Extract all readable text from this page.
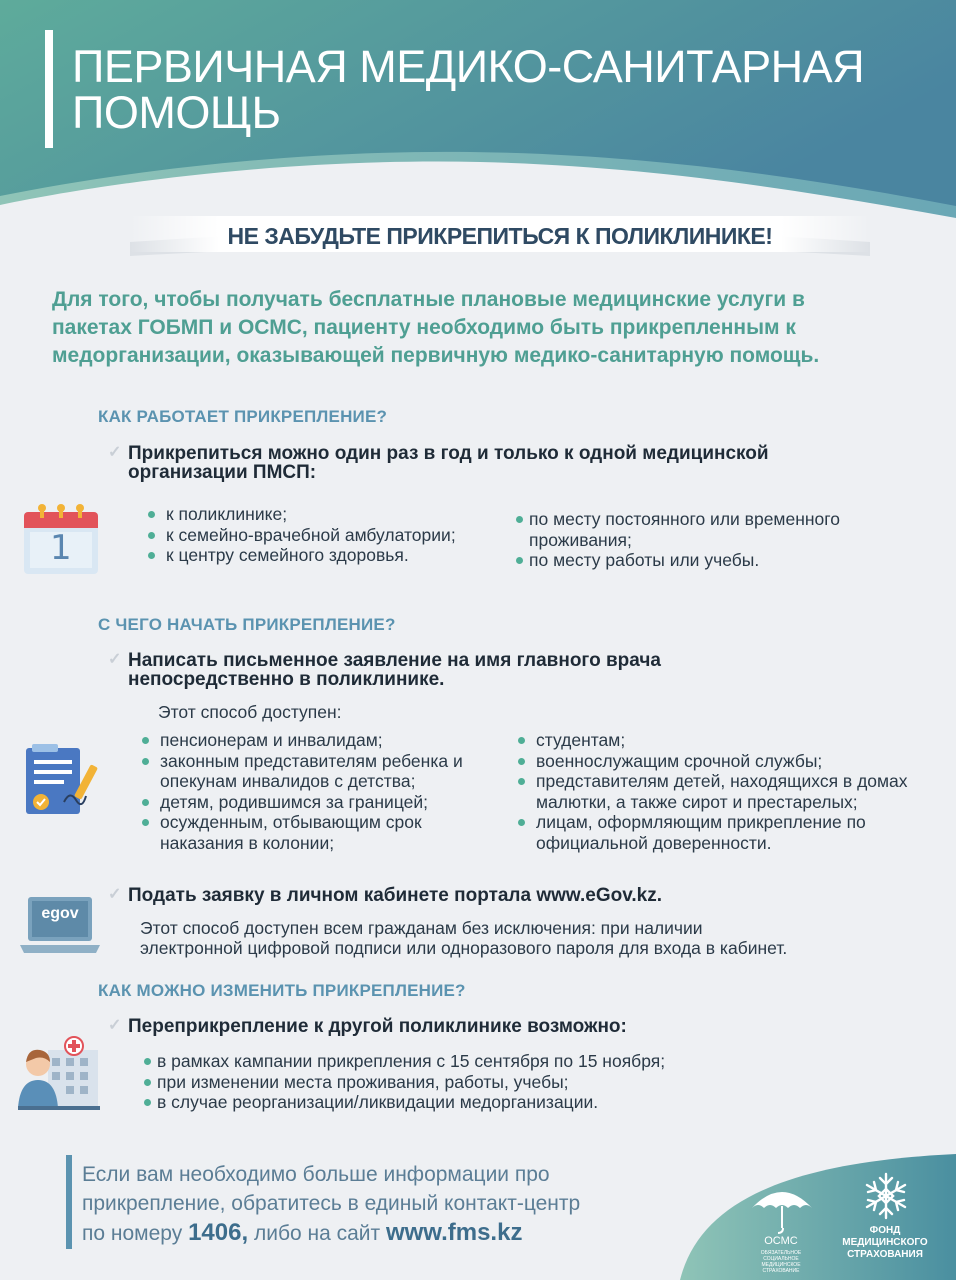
ПЕРВИЧНАЯ МЕДИКО-САНИТАРНАЯ
ПОМОЩЬ
НЕ ЗАБУДЬТЕ ПРИКРЕПИТЬСЯ К ПОЛИКЛИНИКЕ!
Для того, чтобы получать бесплатные плановые медицинские услуги в
пакетах ГОБМП и ОСМС, пациенту необходимо быть прикрепленным к
медорганизации, оказывающей первичную медико-санитарную помощь.
КАК РАБОТАЕТ ПРИКРЕПЛЕНИЕ?
✓ Прикрепиться можно один раз в год и только к одной медицинской
организации ПМСП:
1
к поликлинике;
к семейно-врачебной амбулатории;
к центру семейного здоровья.
по месту постоянного или временного проживания;
по месту работы или учебы.
С ЧЕГО НАЧАТЬ ПРИКРЕПЛЕНИЕ?
✓ Написать письменное заявление на имя главного врача
непосредственно в поликлинике.
Этот способ доступен:
пенсионерам и инвалидам;
законным представителям ребенка и опекунам инвалидов с детства;
детям, родившимся за границей;
осужденным, отбывающим срок наказания в колонии;
студентам;
военнослужащим срочной службы;
представителям детей, находящихся в домах малютки, а также сирот и престарелых;
лицам, оформляющим прикрепление по официальной доверенности.
egov
✓ Подать заявку в личном кабинете портала www.eGov.kz.
Этот способ доступен всем гражданам без исключения: при наличии
электронной цифровой подписи или одноразового пароля для входа в кабинет.
КАК МОЖНО ИЗМЕНИТЬ ПРИКРЕПЛЕНИЕ?
✓ Переприкрепление к другой поликлинике возможно:
в рамках кампании прикрепления с 15 сентября по 15 ноября;
при изменении места проживания, работы, учебы;
в случае реорганизации/ликвидации медорганизации.
Если вам необходимо больше информации про
прикрепление, обратитесь в единый контакт-центр
по номеру 1406, либо на сайт www.fms.kz	ОСМС
ОБЯЗАТЕЛЬНОЕ СОЦИАЛЬНОЕ МЕДИЦИНСКОЕ СТРАХОВАНИЕ
ФОНД
МЕДИЦИНСКОГО
СТРАХОВАНИЯ
